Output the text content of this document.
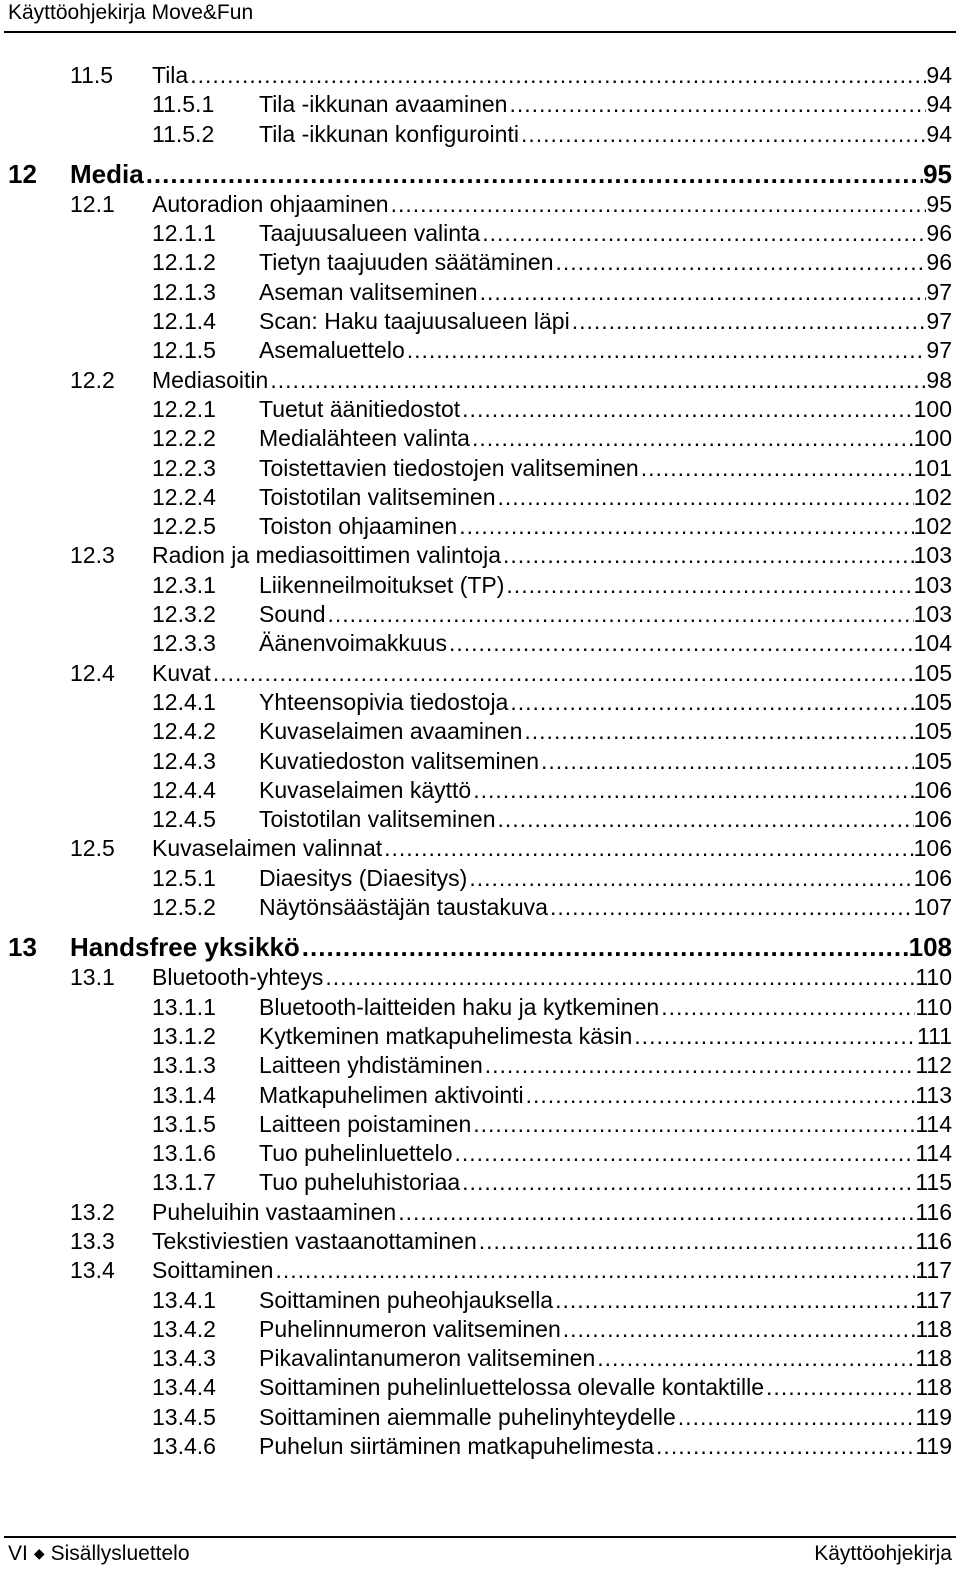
Käyttöohjekirja Move&Fun
11.5 Tila .....	94
11.5.1 Tila -ikkunan avaaminen .....	94
11.5.2 Tila -ikkunan konfigurointi .....	94
12 Media .....	95
12.1 Autoradion ohjaaminen .....	95
12.1.1 Taajuusalueen valinta .....	96
12.1.2 Tietyn taajuuden säätäminen .....	96
12.1.3 Aseman valitseminen .....	97
12.1.4 Scan: Haku taajuusalueen läpi .....	97
12.1.5 Asemaluettelo .....	97
12.2 Mediasoitin .....	98
12.2.1 Tuetut äänitiedostot .....	100
12.2.2 Medialähteen valinta .....	100
12.2.3 Toistettavien tiedostojen valitseminen .....	101
12.2.4 Toistotilan valitseminen .....	102
12.2.5 Toiston ohjaaminen .....	102
12.3 Radion ja mediasoittimen valintoja .....	103
12.3.1 Liikenneilmoitukset (TP) .....	103
12.3.2 Sound .....	103
12.3.3 Äänenvoimakkuus .....	104
12.4 Kuvat .....	105
12.4.1 Yhteensopivia tiedostoja .....	105
12.4.2 Kuvaselaimen avaaminen .....	105
12.4.3 Kuvatiedoston valitseminen .....	105
12.4.4 Kuvaselaimen käyttö .....	106
12.4.5 Toistotilan valitseminen .....	106
12.5 Kuvaselaimen valinnat .....	106
12.5.1 Diaesitys (Diaesitys) .....	106
12.5.2 Näytönsäästäjän taustakuva .....	107
13 Handsfree yksikkö .....	108
13.1 Bluetooth-yhteys .....	110
13.1.1 Bluetooth-laitteiden haku ja kytkeminen .....	110
13.1.2 Kytkeminen matkapuhelimesta käsin .....	111
13.1.3 Laitteen yhdistäminen .....	112
13.1.4 Matkapuhelimen aktivointi .....	113
13.1.5 Laitteen poistaminen .....	114
13.1.6 Tuo puhelinluettelo .....	114
13.1.7 Tuo puheluhistoriaa .....	115
13.2 Puheluihin vastaaminen .....	116
13.3 Tekstiviestien vastaanottaminen .....	116
13.4 Soittaminen .....	117
13.4.1 Soittaminen puheohjauksella .....	117
13.4.2 Puhelinnumeron valitseminen .....	118
13.4.3 Pikavalintanumeron valitseminen .....	118
13.4.4 Soittaminen puhelinluettelossa olevalle kontaktille .....	118
13.4.5 Soittaminen aiemmalle puhelinyhteydelle .....	119
13.4.6 Puhelun siirtäminen matkapuhelimesta .....	119
VI ◆ Sisällysluettelo	Käyttöohjekirja
